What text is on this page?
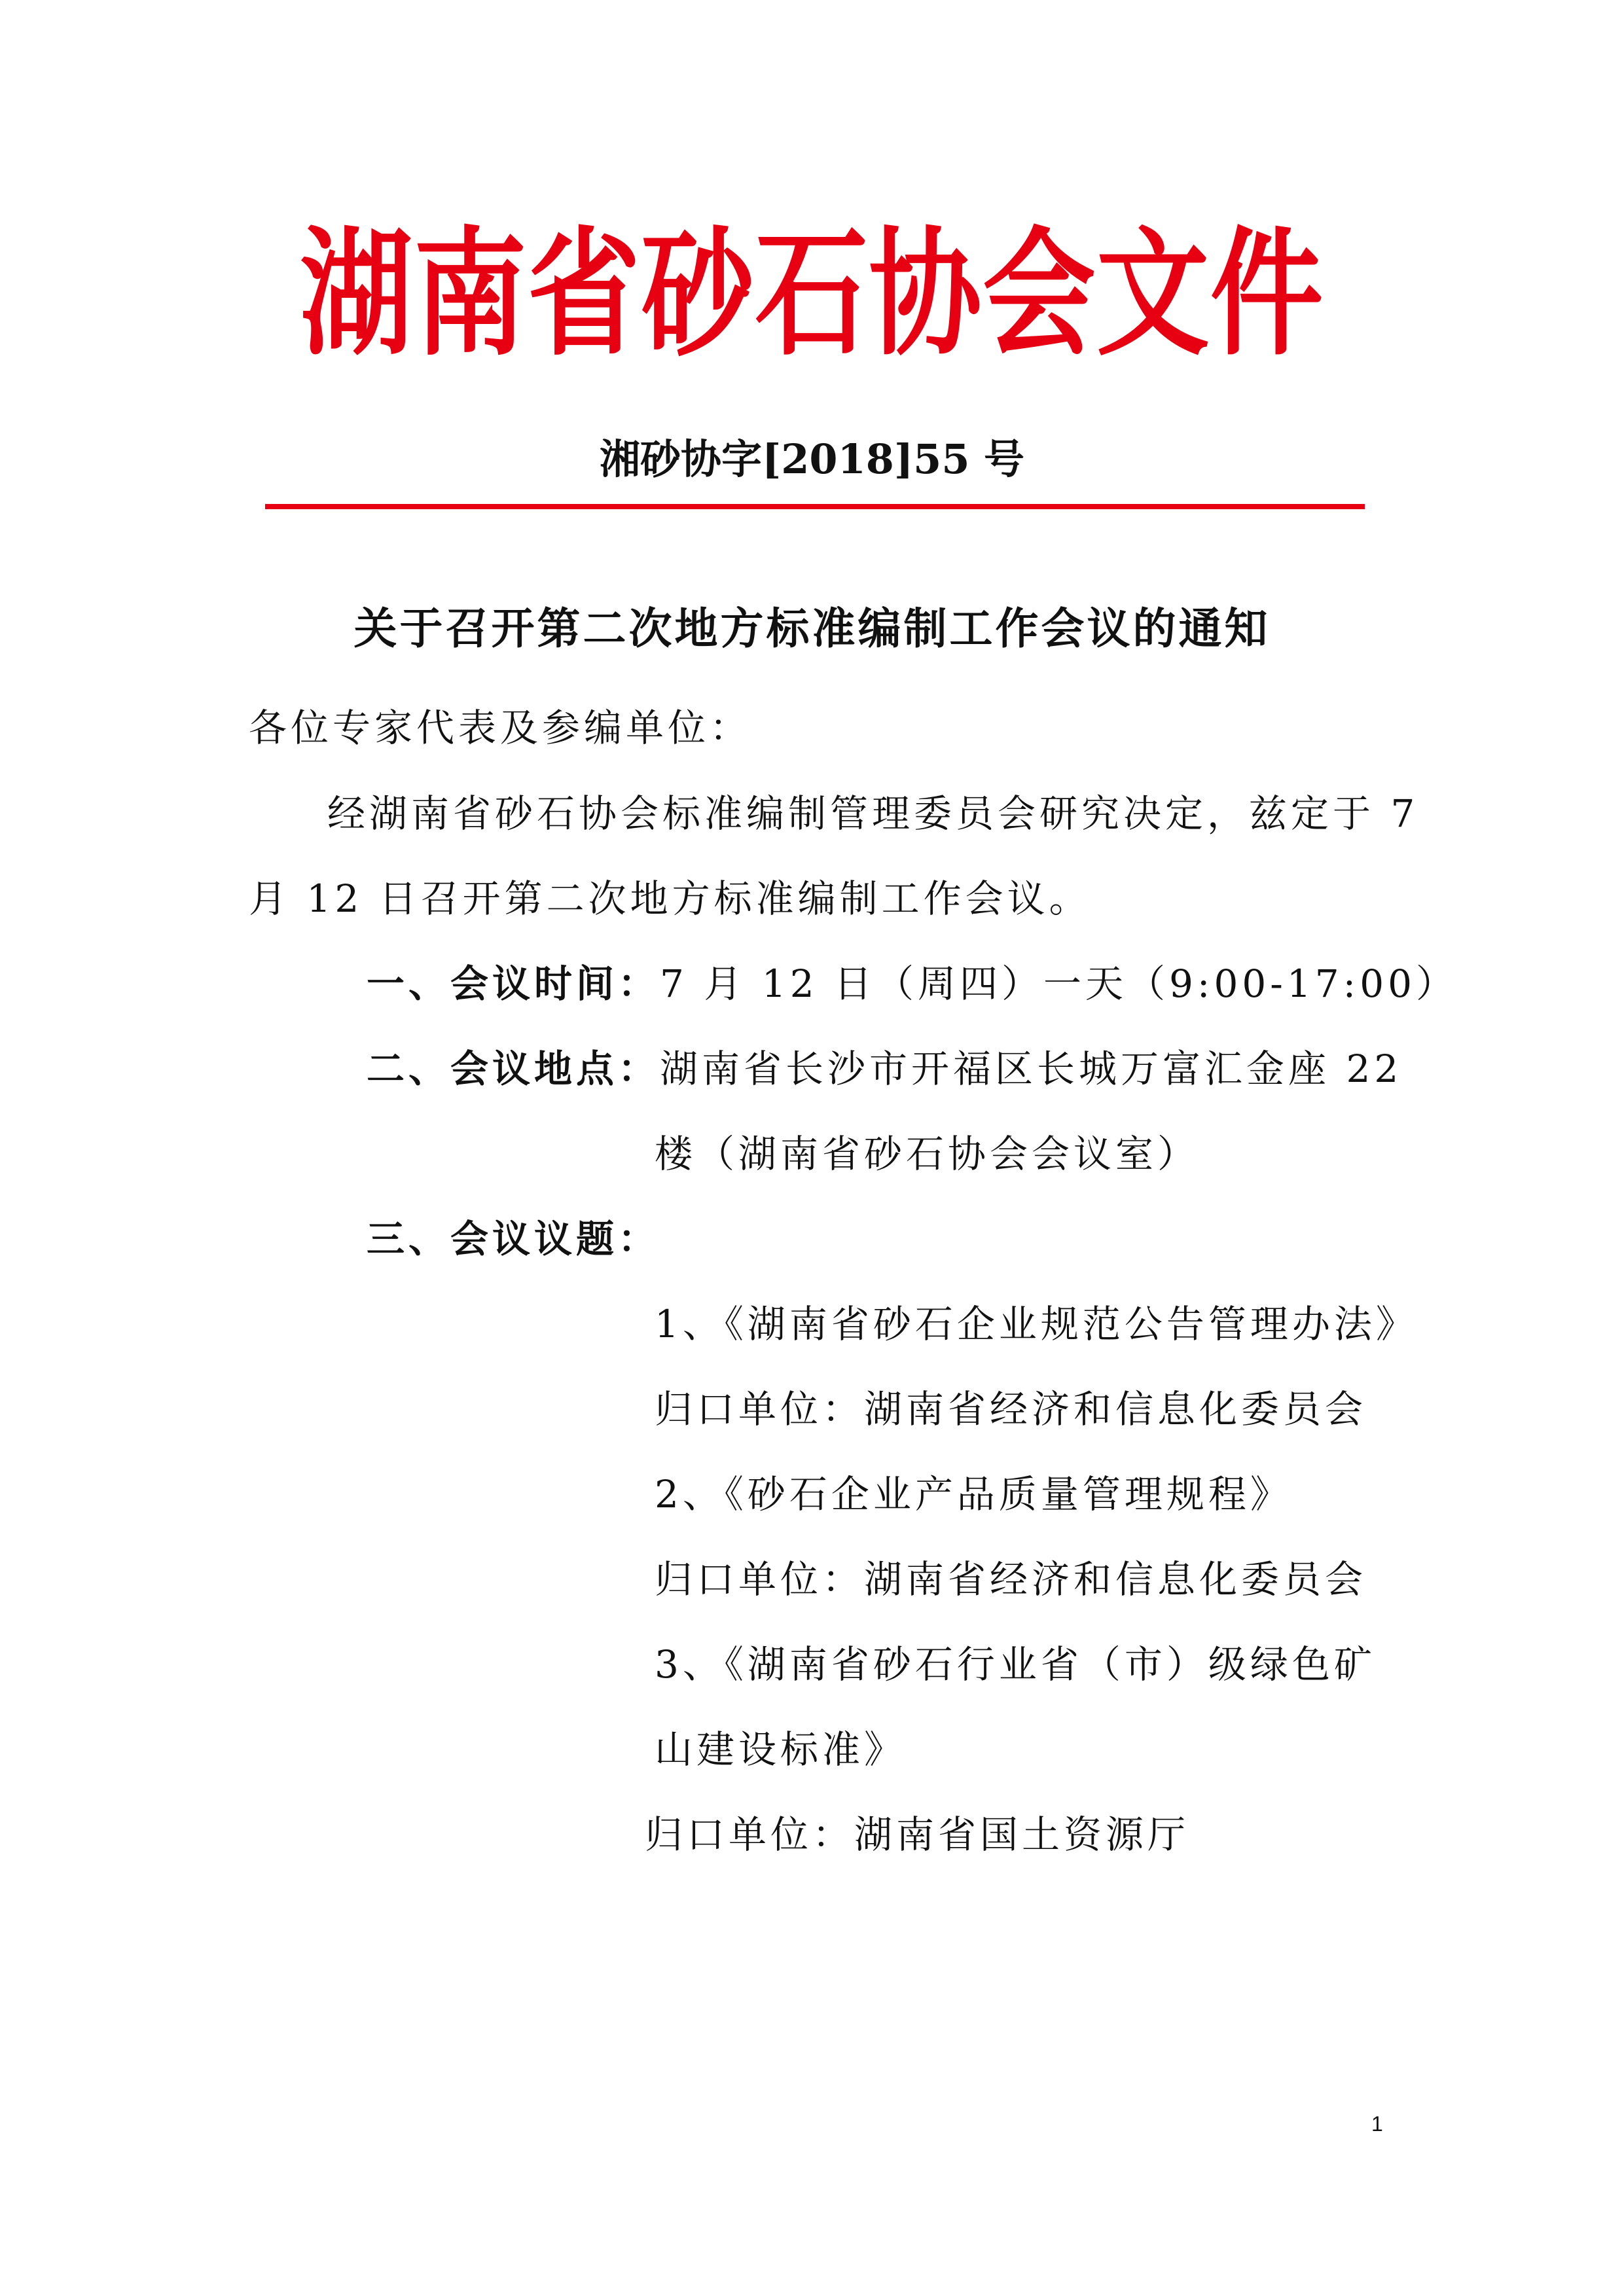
湖南省砂石协会文件
湘砂协字[2018]55 号
关于召开第二次地方标准编制工作会议的通知

各位专家代表及参编单位：

经湖南省砂石协会标准编制管理委员会研究决定，兹定于 7

月 12 日召开第二次地方标准编制工作会议。

一、会议时间：7 月 12 日（周四）一天（9:00-17:00）

二、会议地点：湖南省长沙市开福区长城万富汇金座 22

楼（湖南省砂石协会会议室）

三、会议议题：

1、《湖南省砂石企业规范公告管理办法》

归口单位：湖南省经济和信息化委员会

2、《砂石企业产品质量管理规程》

归口单位：湖南省经济和信息化委员会

3、《湖南省砂石行业省（市）级绿色矿

山建设标准》

归口单位：湖南省国土资源厅

1
